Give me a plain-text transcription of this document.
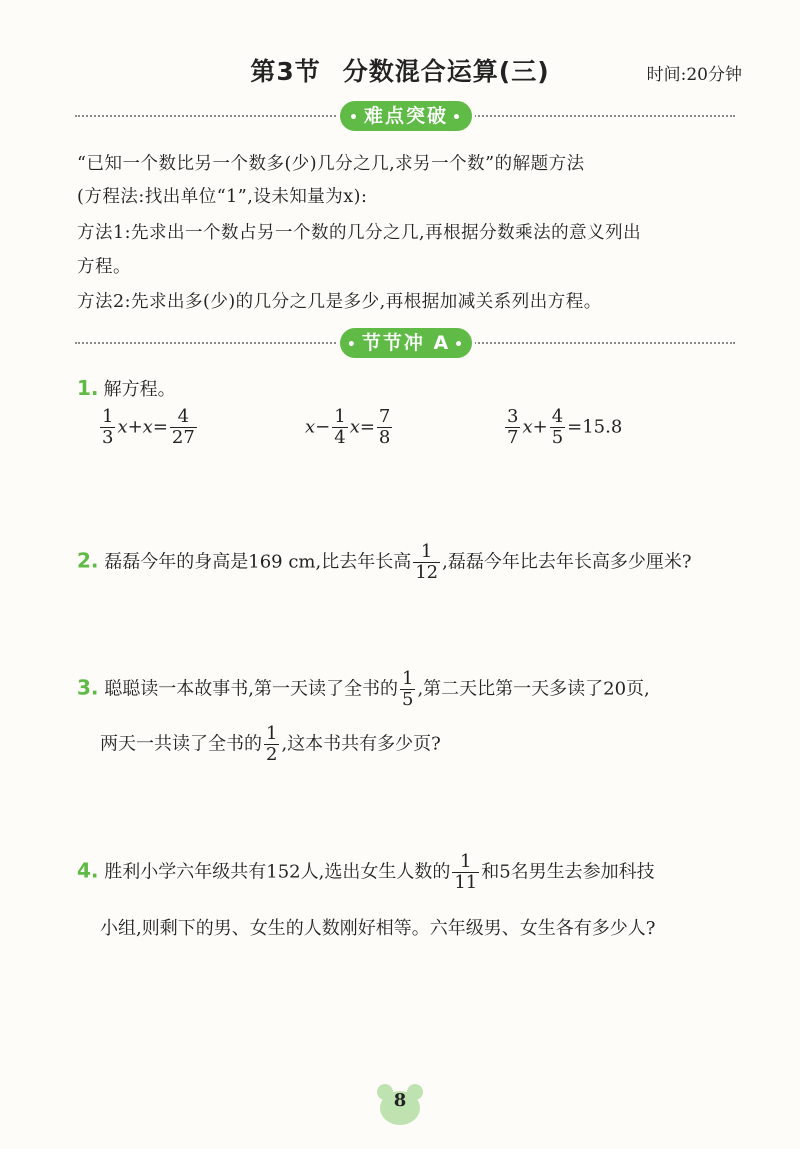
第3节 分数混合运算(三)	时间:20分钟
• 难点突破 •
“已知一个数比另一个数多(少)几分之几,求另一个数”的解题方法
(方程法:找出单位“1”,设未知量为x):
方法1:先求出一个数占另一个数的几分之几,再根据分数乘法的意义列出
方程。
方法2:先求出多(少)的几分之几是多少,再根据加减关系列出方程。
• 节节冲 A •
1. 解方程。
$\frac{1}{3} x+x= \frac{4}{27}$	$x- \frac{1}{4} x= \frac{7}{8}$	$\frac{3}{7} x+ \frac{4}{5} =15.8$
2. 磊磊今年的身高是169 cm,比去年长高 $\frac{1}{12}$ ,磊磊今年比去年长高多少厘米?
3. 聪聪读一本故事书,第一天读了全书的 $\frac{1}{5}$ ,第二天比第一天多读了20页,
两天一共读了全书的 $\frac{1}{2}$ ,这本书共有多少页?
4. 胜利小学六年级共有152人,选出女生人数的 $\frac{1}{11}$ 和5名男生去参加科技
小组,则剩下的男、女生的人数刚好相等。六年级男、女生各有多少人?
8
